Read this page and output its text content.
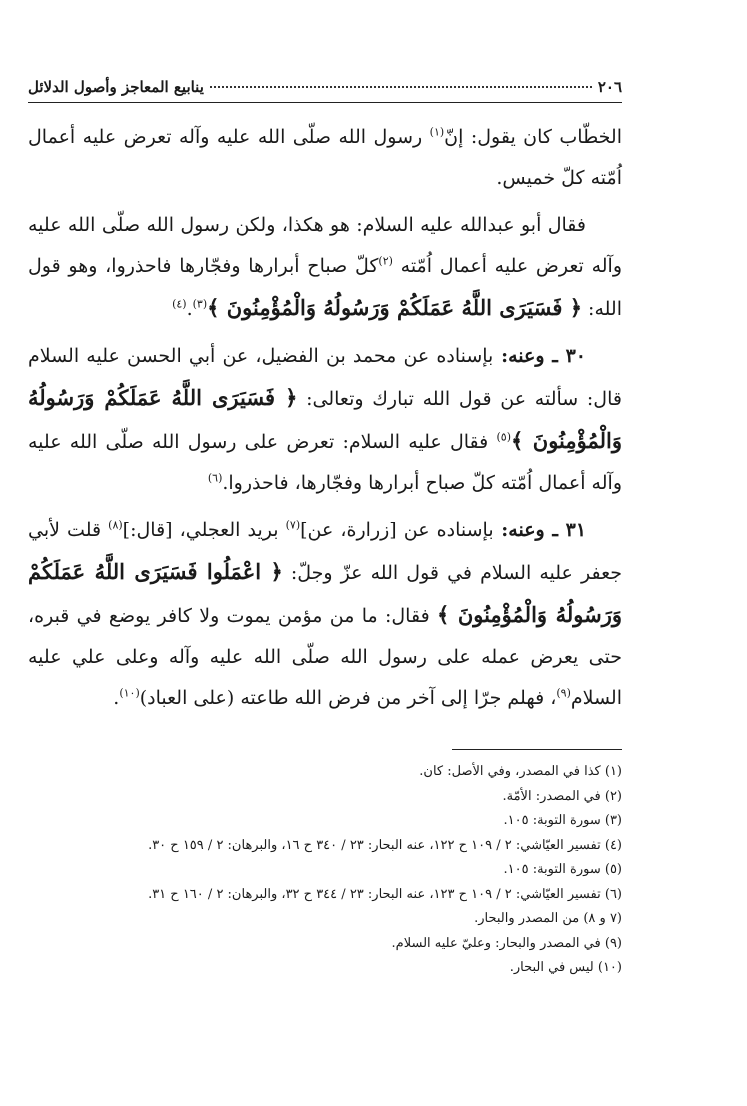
٢٠٦
ينابيع المعاجز وأصول الدلائل

الخطّاب كان يقول: إنّ$^{(١)}$ رسول الله صلّى الله عليه وآله تعرض عليه أعمال اُمّته كلّ خميس.

فقال أبو عبدالله عليه السلام: هو هكذا، ولكن رسول الله صلّى الله عليه وآله تعرض عليه أعمال اُمّته $^{(٢)}$كلّ صباح أبرارها وفجّارها فاحذروا، وهو قول الله: ﴿ فَسَيَرَى اللَّهُ عَمَلَكُمْ وَرَسُولُهُ وَالْمُؤْمِنُونَ ﴾$^{(٣)}$.$^{(٤)}$

٣٠ ـ وعنه: بإسناده عن محمد بن الفضيل، عن أبي الحسن عليه السلام قال: سألته عن قول الله تبارك وتعالى: ﴿ فَسَيَرَى اللَّهُ عَمَلَكُمْ وَرَسُولُهُ وَالْمُؤْمِنُونَ ﴾$^{(٥)}$ فقال عليه السلام: تعرض على رسول الله صلّى الله عليه وآله أعمال اُمّته كلّ صباح أبرارها وفجّارها، فاحذروا.$^{(٦)}$

٣١ ـ وعنه: بإسناده عن [زرارة، عن]$^{(٧)}$ بريد العجلي، [قال:]$^{(٨)}$ قلت لأبي جعفر عليه السلام في قول الله عزّ وجلّ: ﴿ اعْمَلُوا فَسَيَرَى اللَّهُ عَمَلَكُمْ وَرَسُولُهُ وَالْمُؤْمِنُونَ ﴾ فقال: ما من مؤمن يموت ولا كافر يوضع في قبره، حتى يعرض عمله على رسول الله صلّى الله عليه وآله وعلى علي عليه السلام$^{(٩)}$، فهلم جرّا إلى آخر من فرض الله طاعته (على العباد)$^{(١٠)}$.

(١) كذا في المصدر، وفي الأصل: كان.
(٢) في المصدر: الأمّة.
(٣) سورة التوبة: ١٠٥.
(٤) تفسير العيّاشي: ٢ / ١٠٩ ح ١٢٢، عنه البحار: ٢٣ / ٣٤٠ ح ١٦، والبرهان: ٢ / ١٥٩ ح ٣٠.
(٥) سورة التوبة: ١٠٥.
(٦) تفسير العيّاشي: ٢ / ١٠٩ ح ١٢٣، عنه البحار: ٢٣ / ٣٤٤ ح ٣٢، والبرهان: ٢ / ١٦٠ ح ٣١.
(٧ و ٨) من المصدر والبحار.
(٩) في المصدر والبحار: وعليّ عليه السلام.
(١٠) ليس في البحار.
